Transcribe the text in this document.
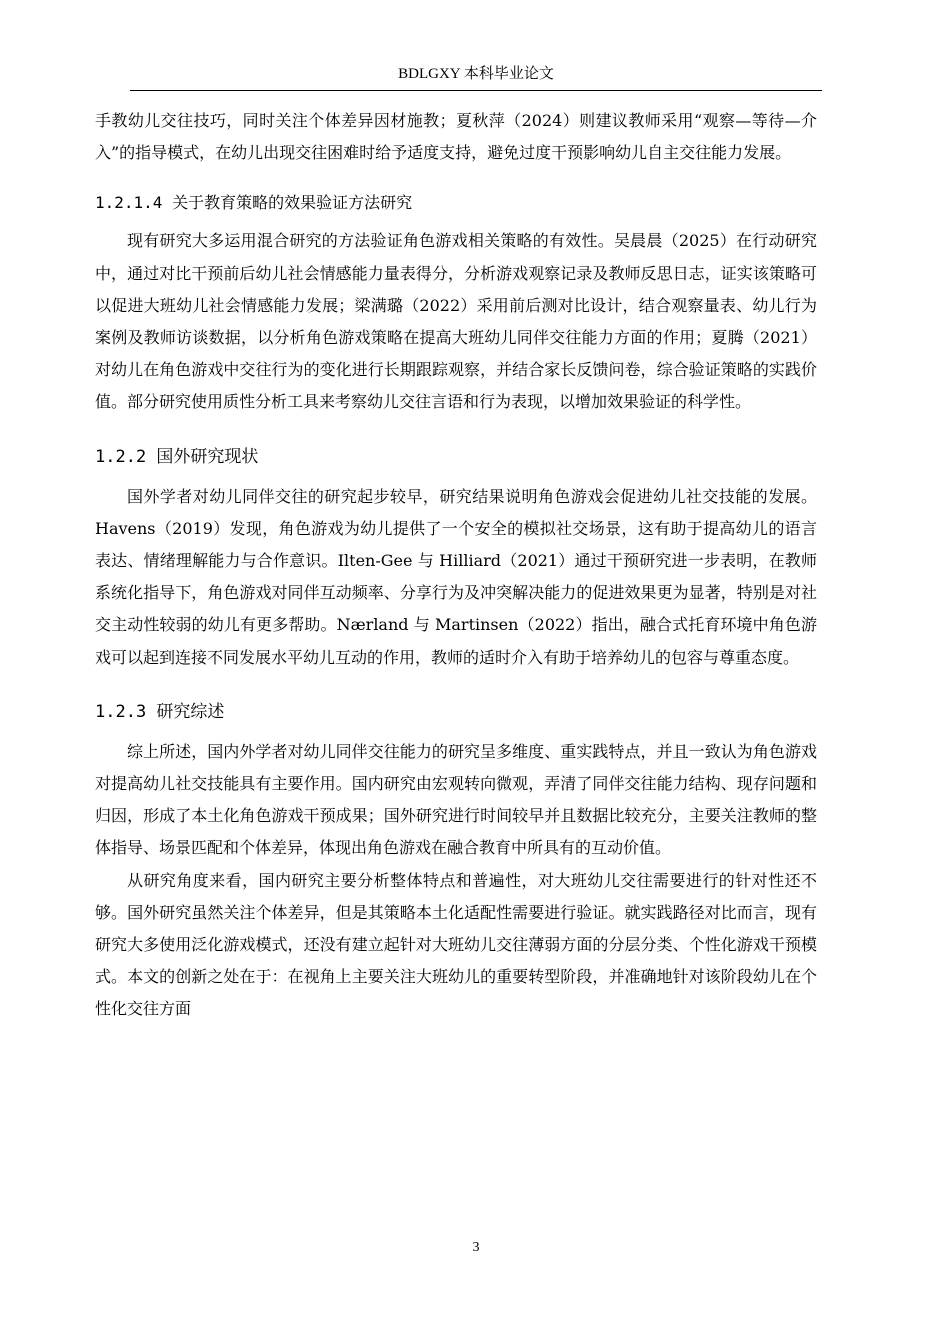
BDLGXY 本科毕业论文

手教幼儿交往技巧，同时关注个体差异因材施教；夏秋萍（2024）则建议教师采用“观察—等待—介入”的指导模式，在幼儿出现交往困难时给予适度支持，避免过度干预影响幼儿自主交往能力发展。

1.2.1.4 关于教育策略的效果验证方法研究

现有研究大多运用混合研究的方法验证角色游戏相关策略的有效性。吴晨晨（2025）在行动研究中，通过对比干预前后幼儿社会情感能力量表得分，分析游戏观察记录及教师反思日志，证实该策略可以促进大班幼儿社会情感能力发展；梁满璐（2022）采用前后测对比设计，结合观察量表、幼儿行为案例及教师访谈数据，以分析角色游戏策略在提高大班幼儿同伴交往能力方面的作用；夏腾（2021）对幼儿在角色游戏中交往行为的变化进行长期跟踪观察，并结合家长反馈问卷，综合验证策略的实践价值。部分研究使用质性分析工具来考察幼儿交往言语和行为表现，以增加效果验证的科学性。

1.2.2 国外研究现状

国外学者对幼儿同伴交往的研究起步较早，研究结果说明角色游戏会促进幼儿社交技能的发展。Havens（2019）发现，角色游戏为幼儿提供了一个安全的模拟社交场景，这有助于提高幼儿的语言表达、情绪理解能力与合作意识。Ilten-Gee 与 Hilliard（2021）通过干预研究进一步表明，在教师系统化指导下，角色游戏对同伴互动频率、分享行为及冲突解决能力的促进效果更为显著，特别是对社交主动性较弱的幼儿有更多帮助。Nærland 与 Martinsen（2022）指出，融合式托育环境中角色游戏可以起到连接不同发展水平幼儿互动的作用，教师的适时介入有助于培养幼儿的包容与尊重态度。

1.2.3 研究综述

综上所述，国内外学者对幼儿同伴交往能力的研究呈多维度、重实践特点，并且一致认为角色游戏对提高幼儿社交技能具有主要作用。国内研究由宏观转向微观，弄清了同伴交往能力结构、现存问题和归因，形成了本土化角色游戏干预成果；国外研究进行时间较早并且数据比较充分，主要关注教师的整体指导、场景匹配和个体差异，体现出角色游戏在融合教育中所具有的互动价值。

从研究角度来看，国内研究主要分析整体特点和普遍性，对大班幼儿交往需要进行的针对性还不够。国外研究虽然关注个体差异，但是其策略本土化适配性需要进行验证。就实践路径对比而言，现有研究大多使用泛化游戏模式，还没有建立起针对大班幼儿交往薄弱方面的分层分类、个性化游戏干预模式。本文的创新之处在于：在视角上主要关注大班幼儿的重要转型阶段，并准确地针对该阶段幼儿在个性化交往方面

3
